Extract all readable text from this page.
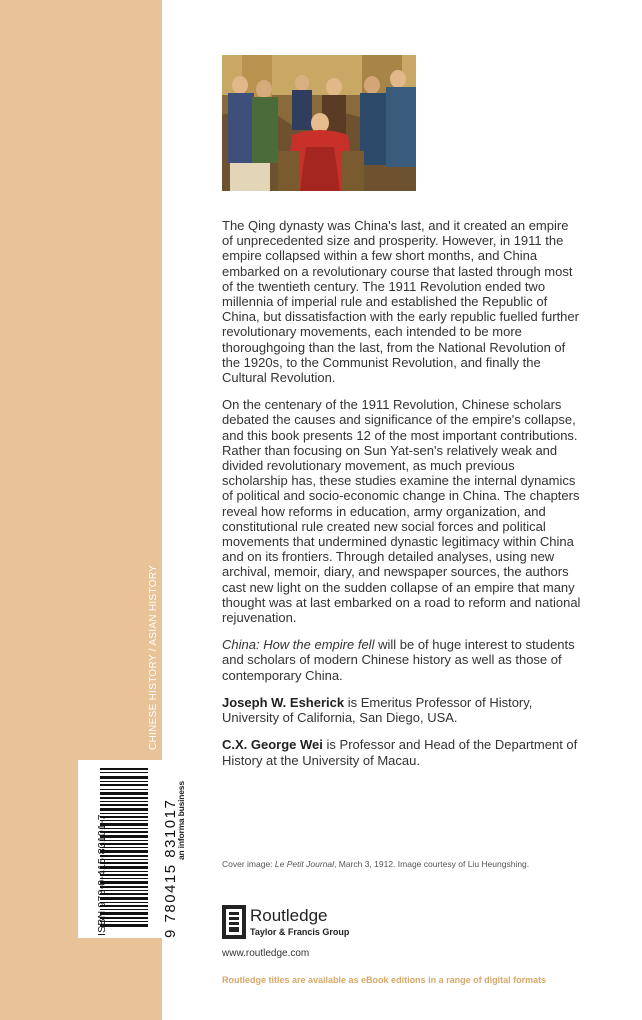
CHINESE HISTORY / ASIAN HISTORY
ISBN 978-0-415-83101-7	9 780415 831017
an informa business

The Qing dynasty was China's last, and it created an empire of unprecedented size and prosperity. However, in 1911 the empire collapsed within a few short months, and China embarked on a revolutionary course that lasted through most of the twentieth century. The 1911 Revolution ended two millennia of imperial rule and established the Republic of China, but dissatisfaction with the early republic fuelled further revolutionary movements, each intended to be more thoroughgoing than the last, from the National Revolution of the 1920s, to the Communist Revolution, and finally the Cultural Revolution.

On the centenary of the 1911 Revolution, Chinese scholars debated the causes and significance of the empire's collapse, and this book presents 12 of the most important contributions. Rather than focusing on Sun Yat-sen's relatively weak and divided revolutionary movement, as much previous scholarship has, these studies examine the internal dynamics of political and socio-economic change in China. The chapters reveal how reforms in education, army organization, and constitutional rule created new social forces and political movements that undermined dynastic legitimacy within China and on its frontiers. Through detailed analyses, using new archival, memoir, diary, and newspaper sources, the authors cast new light on the sudden collapse of an empire that many thought was at last embarked on a road to reform and national rejuvenation.

China: How the empire fell will be of huge interest to students and scholars of modern Chinese history as well as those of contemporary China.

Joseph W. Esherick is Emeritus Professor of History, University of California, San Diego, USA.

C.X. George Wei is Professor and Head of the Department of History at the University of Macau.

Cover image: Le Petit Journal, March 3, 1912. Image courtesy of Liu Heungshing.
Routledge
Taylor & Francis Group
www.routledge.com
Routledge titles are available as eBook editions in a range of digital formats
